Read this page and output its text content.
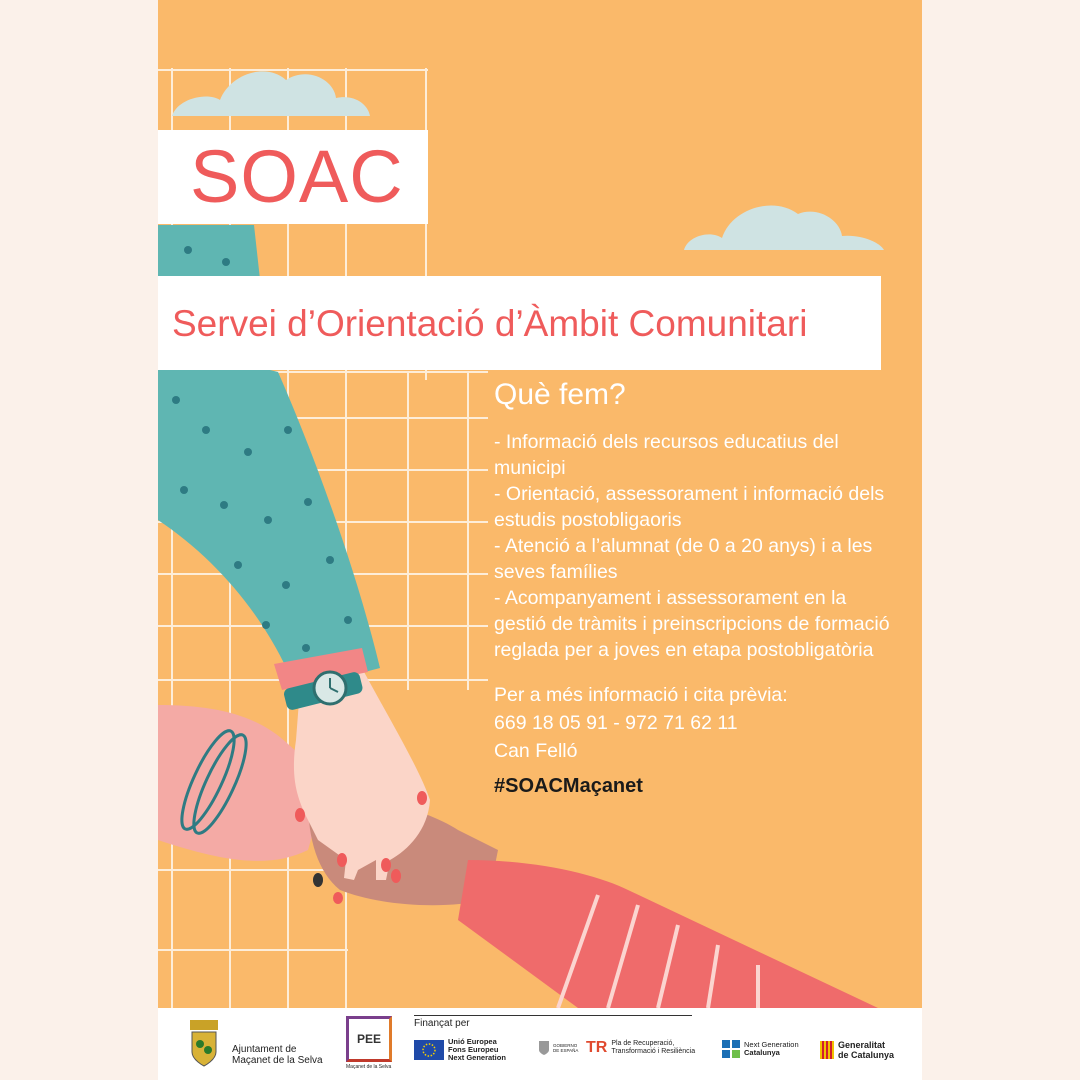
SOAC
Servei d’Orientació d’Àmbit Comunitari
Què fem?
- Informació dels recursos educatius del municipi
- Orientació, assessorament i informació dels estudis postobligaoris
- Atenció a l’alumnat (de 0 a 20 anys) i a les seves famílies
- Acompanyament i assessorament en la gestió de tràmits i preinscripcions de formació reglada per a joves en etapa postobligatòria
Per a més informació i cita prèvia:
669 18 05 91 - 972 71 62 11
Can Felló
#SOACMaçanet
Ajuntament de
Maçanet de la Selva
PEE
Maçanet de la Selva
Finançat per
Unió Europea
Fons Europeu
Next Generation
GOBIERNO DE ESPAÑA TR Pla de Recuperació,
Transformació i Resiliència
Next Generation
Catalunya
Generalitat
de Catalunya
